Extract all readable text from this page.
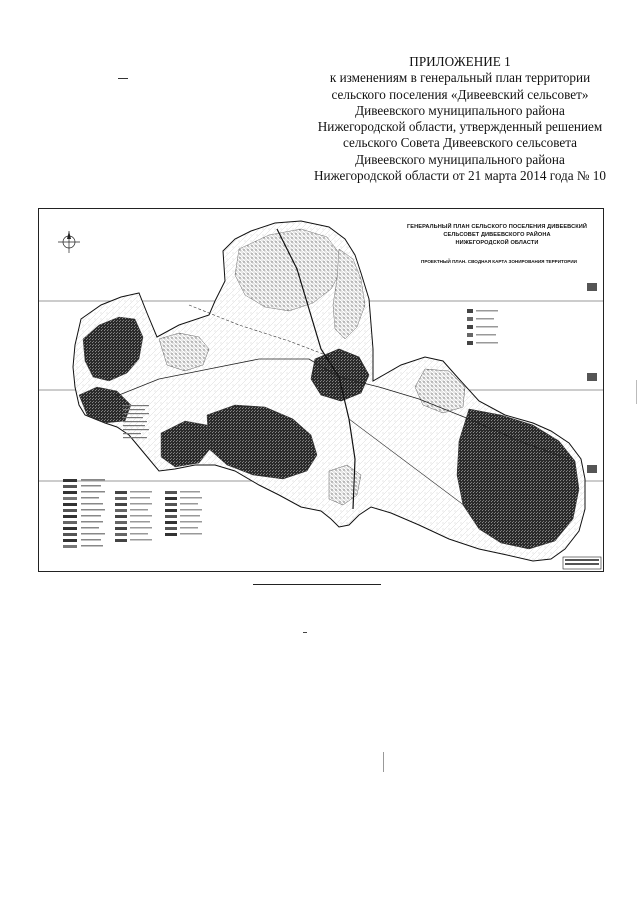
ПРИЛОЖЕНИЕ 1
к изменениям в генеральный план территории
сельского поселения «Дивеевский сельсовет»
Дивеевского муниципального района
Нижегородской области, утвержденный решением
сельского Совета Дивеевского сельсовета
Дивеевского муниципального района
Нижегородской области от 21 марта 2014 года № 10
ГЕНЕРАЛЬНЫЙ ПЛАН СЕЛЬСКОГО ПОСЕЛЕНИЯ ДИВЕЕВСКИЙ
СЕЛЬСОВЕТ ДИВЕЕВСКОГО РАЙОНА
НИЖЕГОРОДСКОЙ ОБЛАСТИ
ПРОЕКТНЫЙ ПЛАН. СВОДНАЯ КАРТА ЗОНИРОВАНИЯ ТЕРРИТОРИИ
